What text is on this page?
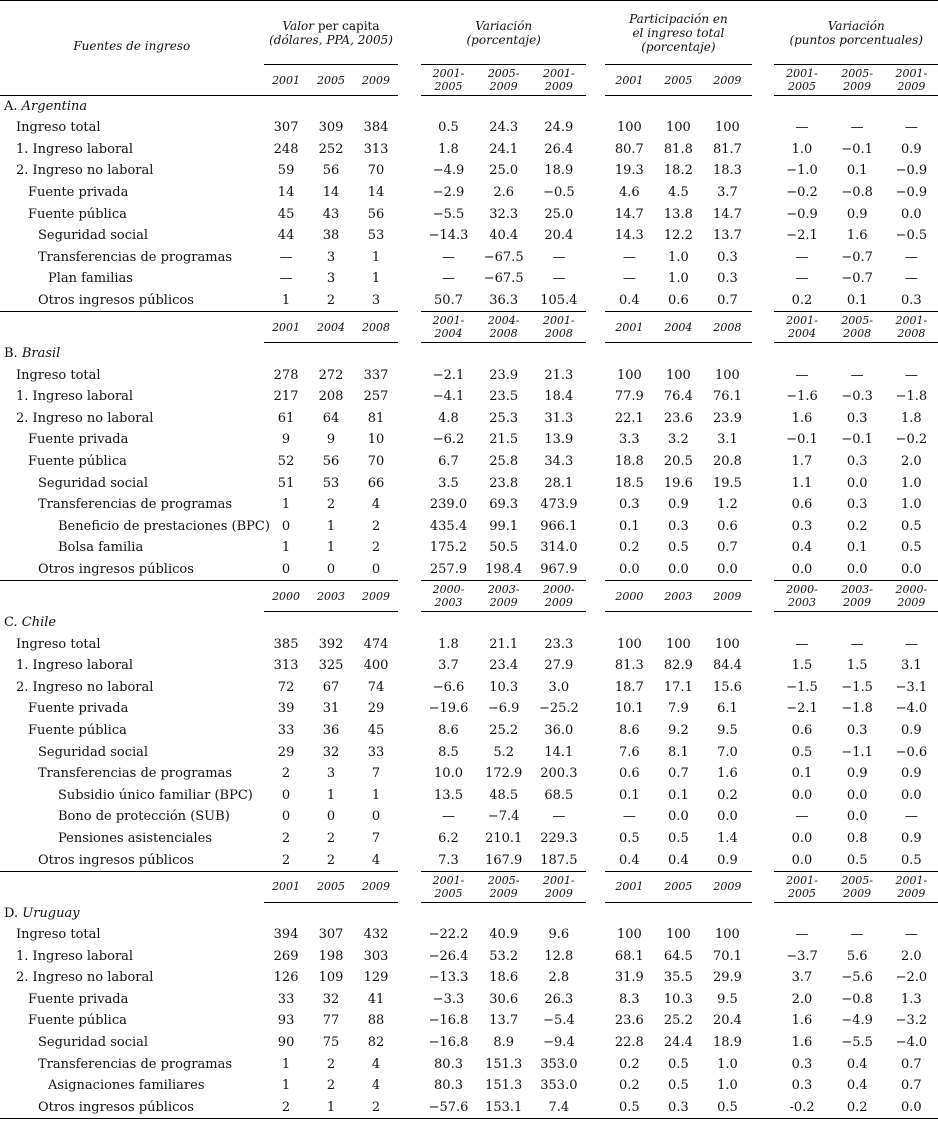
Fuentes de ingreso	Valor per capita
(dólares, PPA, 2005)				Variación
(porcentaje)				Participación en
el ingreso total
(porcentaje)				Variación
(puntos porcentuales)		
	2001	2005	2009		2001-
2005	2005-
2009	2001-
2009		2001	2005	2009		2001-
2005	2005-
2009	2001-
2009
A. Argentina															
Ingreso total	307	309	384		0.5	24.3	24.9		100	100	100		—	—	—
1. Ingreso laboral	248	252	313		1.8	24.1	26.4		80.7	81.8	81.7		1.0	−0.1	0.9
2. Ingreso no laboral	59	56	70		−4.9	25.0	18.9		19.3	18.2	18.3		−1.0	0.1	−0.9
Fuente privada	14	14	14		−2.9	2.6	−0.5		4.6	4.5	3.7		−0.2	−0.8	−0.9
Fuente pública	45	43	56		−5.5	32.3	25.0		14.7	13.8	14.7		−0.9	0.9	0.0
Seguridad social	44	38	53		−14.3	40.4	20.4		14.3	12.2	13.7		−2.1	1.6	−0.5
Transferencias de programas	—	3	1		—	−67.5	—		—	1.0	0.3		—	−0.7	—
Plan familias	—	3	1		—	−67.5	—		—	1.0	0.3		—	−0.7	—
Otros ingresos públicos	1	2	3		50.7	36.3	105.4		0.4	0.6	0.7		0.2	0.1	0.3
	2001	2004	2008		2001-
2004	2004-
2008	2001-
2008		2001	2004	2008		2001-
2004	2005-
2008	2001-
2008
B. Brasil															
Ingreso total	278	272	337		−2.1	23.9	21.3		100	100	100		—	—	—
1. Ingreso laboral	217	208	257		−4.1	23.5	18.4		77.9	76.4	76.1		−1.6	−0.3	−1.8
2. Ingreso no laboral	61	64	81		4.8	25.3	31.3		22.1	23.6	23.9		1.6	0.3	1.8
Fuente privada	9	9	10		−6.2	21.5	13.9		3.3	3.2	3.1		−0.1	−0.1	−0.2
Fuente pública	52	56	70		6.7	25.8	34.3		18.8	20.5	20.8		1.7	0.3	2.0
Seguridad social	51	53	66		3.5	23.8	28.1		18.5	19.6	19.5		1.1	0.0	1.0
Transferencias de programas	1	2	4		239.0	69.3	473.9		0.3	0.9	1.2		0.6	0.3	1.0
Beneficio de prestaciones (BPC)	0	1	2		435.4	99.1	966.1		0.1	0.3	0.6		0.3	0.2	0.5
Bolsa familia	1	1	2		175.2	50.5	314.0		0.2	0.5	0.7		0.4	0.1	0.5
Otros ingresos públicos	0	0	0		257.9	198.4	967.9		0.0	0.0	0.0		0.0	0.0	0.0
	2000	2003	2009		2000-
2003	2003-
2009	2000-
2009		2000	2003	2009		2000-
2003	2003-
2009	2000-
2009
C. Chile															
Ingreso total	385	392	474		1.8	21.1	23.3		100	100	100		—	—	—
1. Ingreso laboral	313	325	400		3.7	23.4	27.9		81.3	82.9	84.4		1.5	1.5	3.1
2. Ingreso no laboral	72	67	74		−6.6	10.3	3.0		18.7	17.1	15.6		−1.5	−1.5	−3.1
Fuente privada	39	31	29		−19.6	−6.9	−25.2		10.1	7.9	6.1		−2.1	−1.8	−4.0
Fuente pública	33	36	45		8.6	25.2	36.0		8.6	9.2	9.5		0.6	0.3	0.9
Seguridad social	29	32	33		8.5	5.2	14.1		7.6	8.1	7.0		0.5	−1.1	−0.6
Transferencias de programas	2	3	7		10.0	172.9	200.3		0.6	0.7	1.6		0.1	0.9	0.9
Subsidio único familiar (BPC)	0	1	1		13.5	48.5	68.5		0.1	0.1	0.2		0.0	0.0	0.0
Bono de protección (SUB)	0	0	0		—	−7.4	—		—	0.0	0.0		—	0.0	—
Pensiones asistenciales	2	2	7		6.2	210.1	229.3		0.5	0.5	1.4		0.0	0.8	0.9
Otros ingresos públicos	2	2	4		7.3	167.9	187.5		0.4	0.4	0.9		0.0	0.5	0.5
	2001	2005	2009		2001-
2005	2005-
2009	2001-
2009		2001	2005	2009		2001-
2005	2005-
2009	2001-
2009
D. Uruguay															
Ingreso total	394	307	432		−22.2	40.9	9.6		100	100	100		—	—	—
1. Ingreso laboral	269	198	303		−26.4	53.2	12.8		68.1	64.5	70.1		−3.7	5.6	2.0
2. Ingreso no laboral	126	109	129		−13.3	18.6	2.8		31.9	35.5	29.9		3.7	−5.6	−2.0
Fuente privada	33	32	41		−3.3	30.6	26.3		8.3	10.3	9.5		2.0	−0.8	1.3
Fuente pública	93	77	88		−16.8	13.7	−5.4		23.6	25.2	20.4		1.6	−4.9	−3.2
Seguridad social	90	75	82		−16.8	8.9	−9.4		22.8	24.4	18.9		1.6	−5.5	−4.0
Transferencias de programas	1	2	4		80.3	151.3	353.0		0.2	0.5	1.0		0.3	0.4	0.7
Asignaciones familiares	1	2	4		80.3	151.3	353.0		0.2	0.5	1.0		0.3	0.4	0.7
Otros ingresos públicos	2	1	2		−57.6	153.1	7.4		0.5	0.3	0.5		-0.2	0.2	0.0
